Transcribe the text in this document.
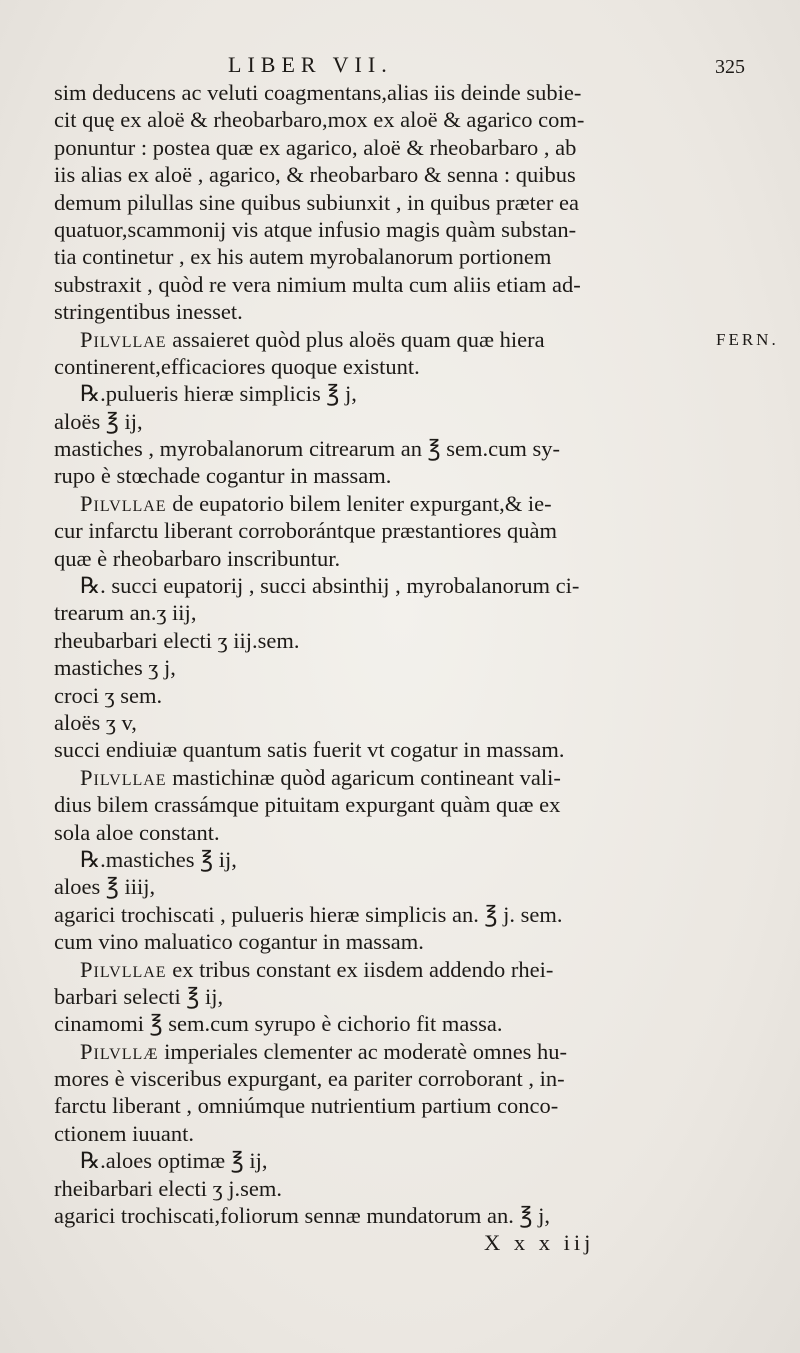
LIBER VII.	325
FERN.
sim deducens ac veluti coagmentans,alias iis deinde subie-
cit quę ex aloë & rheobarbaro,mox ex aloë & agarico com-
ponuntur : postea quæ ex agarico, aloë & rheobarbaro , ab
iis alias ex aloë , agarico, & rheobarbaro & senna : quibus
demum pilullas sine quibus subiunxit , in quibus præter ea
quatuor,scammonij vis atque infusio magis quàm substan-
tia continetur , ex his autem myrobalanorum portionem
substraxit , quòd re vera nimium multa cum aliis etiam ad-
stringentibus inesset.
Pilvllae assaieret quòd plus aloës quam quæ hiera
continerent,efficaciores quoque existunt.
℞.pulueris hieræ simplicis ℥ j,
aloës ℥ ij,
mastiches , myrobalanorum citrearum an ℥ sem.cum sy-
rupo è stœchade cogantur in massam.
Pilvllae de eupatorio bilem leniter expurgant,& ie-
cur infarctu liberant corroborántque præstantiores quàm
quæ è rheobarbaro inscribuntur.
℞. succi eupatorij , succi absinthij , myrobalanorum ci-
trearum an.ʒ iij,
rheubarbari electi ʒ iij.sem.
mastiches ʒ j,
croci ʒ sem.
aloës ʒ v,
succi endiuiæ quantum satis fuerit vt cogatur in massam.
Pilvllae mastichinæ quòd agaricum contineant vali-
dius bilem crassámque pituitam expurgant quàm quæ ex
sola aloe constant.
℞.mastiches ℥ ij,
aloes ℥ iiij,
agarici trochiscati , pulueris hieræ simplicis an. ℥ j. sem.
cum vino maluatico cogantur in massam.
Pilvllae ex tribus constant ex iisdem addendo rhei-
barbari selecti ℥ ij,
cinamomi ℥ sem.cum syrupo è cichorio fit massa.
Pilvllæ imperiales clementer ac moderatè omnes hu-
mores è visceribus expurgant, ea pariter corroborant , in-
farctu liberant , omniúmque nutrientium partium conco-
ctionem iuuant.
℞.aloes optimæ ℥ ij,
rheibarbari electi ʒ j.sem.
agarici trochiscati,foliorum sennæ mundatorum an. ℥ j,
X x x iij
